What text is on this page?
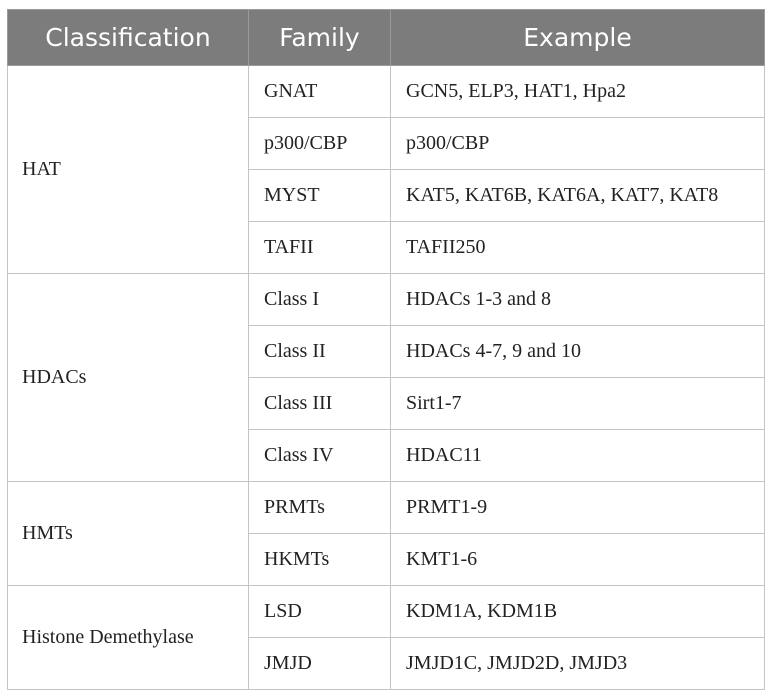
Classification	Family	Example
HAT	GNAT	GCN5, ELP3, HAT1, Hpa2
	p300/CBP	p300/CBP
	MYST	KAT5, KAT6B, KAT6A, KAT7, KAT8
	TAFII	TAFII250
HDACs	Class I	HDACs 1-3 and 8
	Class II	HDACs 4-7, 9 and 10
	Class III	Sirt1-7
	Class IV	HDAC11
HMTs	PRMTs	PRMT1-9
	HKMTs	KMT1-6
Histone Demethylase	LSD	KDM1A, KDM1B
	JMJD	JMJD1C, JMJD2D, JMJD3
